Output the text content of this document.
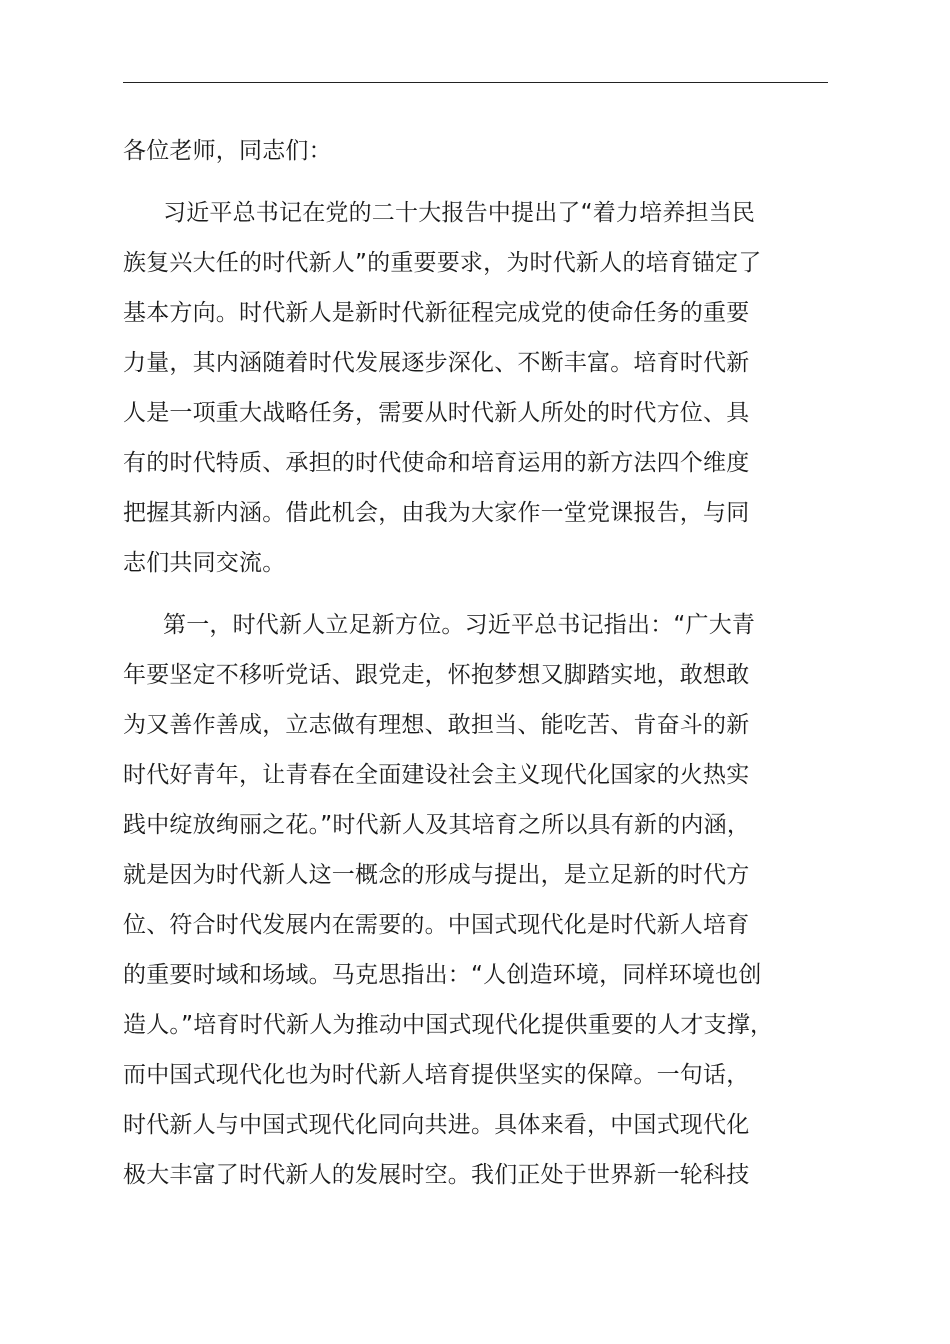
各位老师，同志们：
习近平总书记在党的二十大报告中提出了“着力培养担当民
族复兴大任的时代新人”的重要要求，为时代新人的培育锚定了
基本方向。时代新人是新时代新征程完成党的使命任务的重要
力量，其内涵随着时代发展逐步深化、不断丰富。培育时代新
人是一项重大战略任务，需要从时代新人所处的时代方位、具
有的时代特质、承担的时代使命和培育运用的新方法四个维度
把握其新内涵。借此机会，由我为大家作一堂党课报告，与同
志们共同交流。
第一，时代新人立足新方位。习近平总书记指出：“广大青
年要坚定不移听党话、跟党走，怀抱梦想又脚踏实地，敢想敢
为又善作善成，立志做有理想、敢担当、能吃苦、肯奋斗的新
时代好青年，让青春在全面建设社会主义现代化国家的火热实
践中绽放绚丽之花。”时代新人及其培育之所以具有新的内涵，
就是因为时代新人这一概念的形成与提出，是立足新的时代方
位、符合时代发展内在需要的。中国式现代化是时代新人培育
的重要时域和场域。马克思指出：“人创造环境，同样环境也创
造人。”培育时代新人为推动中国式现代化提供重要的人才支撑，
而中国式现代化也为时代新人培育提供坚实的保障。一句话，
时代新人与中国式现代化同向共进。具体来看，中国式现代化
极大丰富了时代新人的发展时空。我们正处于世界新一轮科技
